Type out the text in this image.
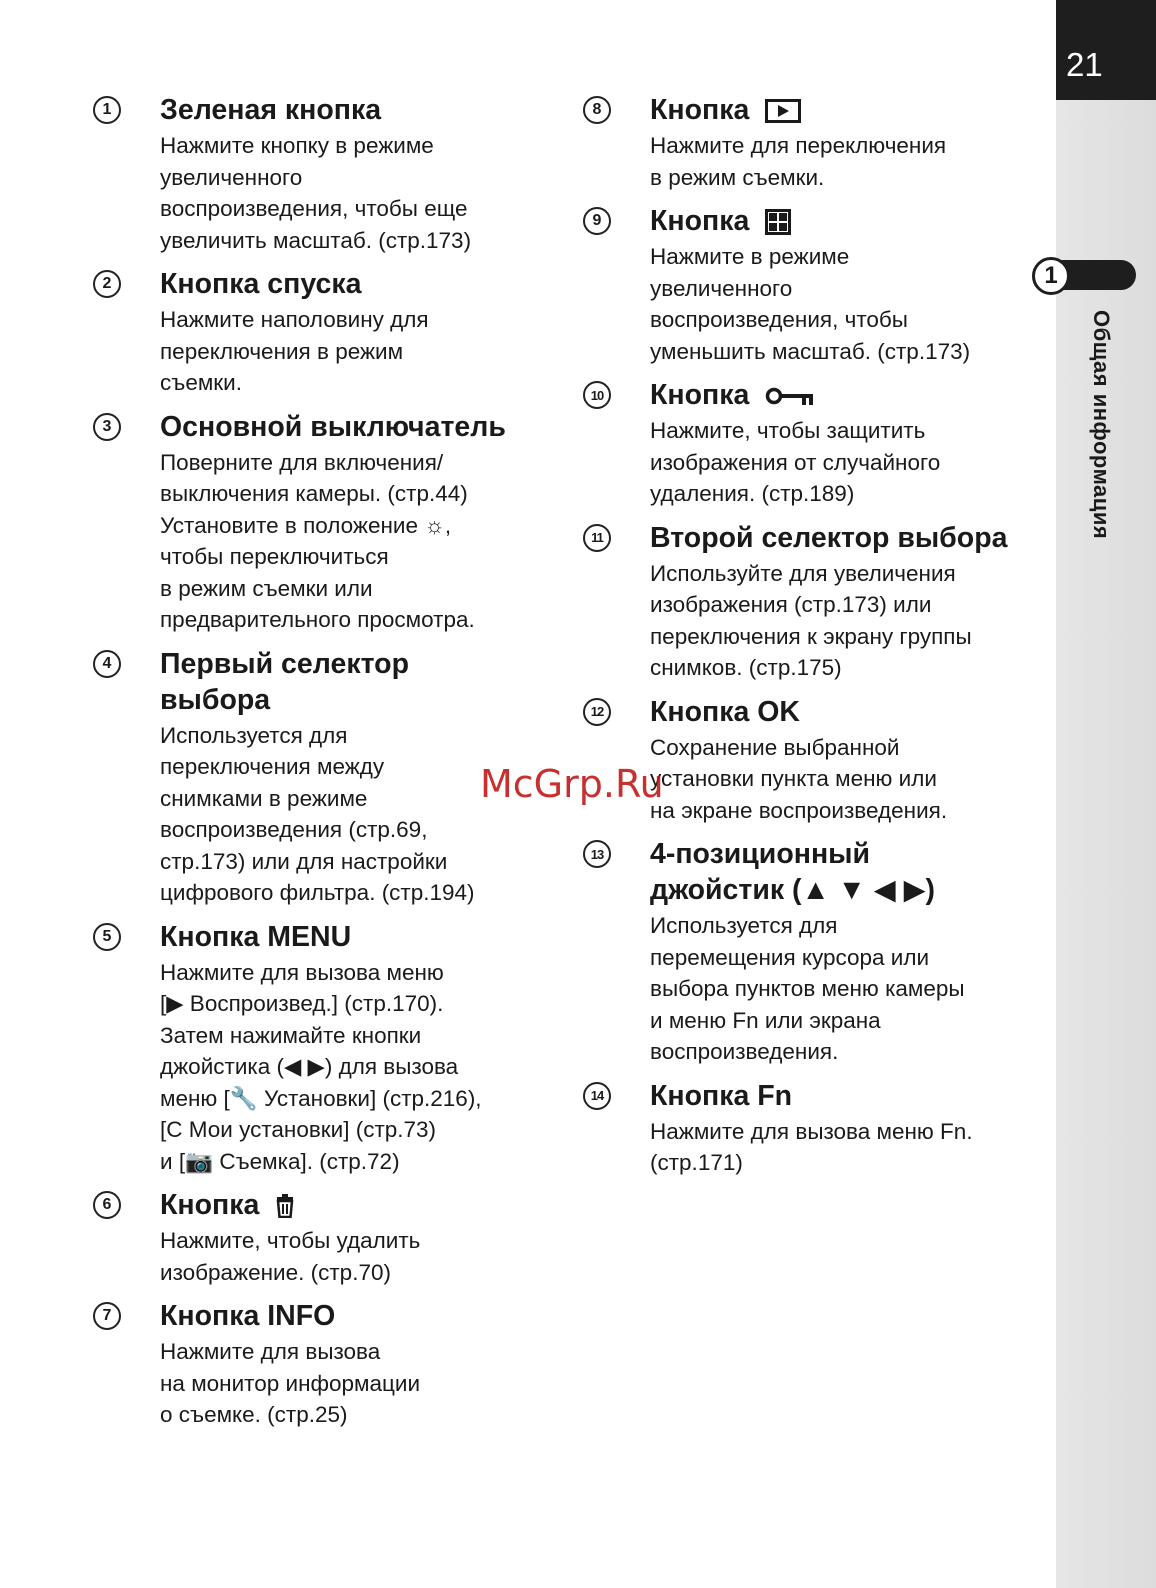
21
1
Общая информация
1	Зеленая кнопка
Нажмите кнопку в режиме
увеличенного
воспроизведения, чтобы еще
увеличить масштаб. (стр.173)
2	Кнопка спуска
Нажмите наполовину для
переключения в режим
съемки.
3	Основной выключатель
Поверните для включения/
выключения камеры. (стр.44)
Установите в положение ☼,
чтобы переключиться
в режим съемки или
предварительного просмотра.
4	Первый селектор
выбора
Используется для
переключения между
снимками в режиме
воспроизведения (стр.69,
стр.173) или для настройки
цифрового фильтра. (стр.194)
5	Кнопка MENU
Нажмите для вызова меню
[▶ Воспроизвед.] (стр.170).
Затем нажимайте кнопки
джойстика (◀ ▶) для вызова
меню [🔧 Установки] (стр.216),
[C Мои установки] (стр.73)
и [📷 Съемка]. (стр.72)
6	Кнопка
Нажмите, чтобы удалить
изображение. (стр.70)
7	Кнопка INFO
Нажмите для вызова
на монитор информации
о съемке. (стр.25)
8	Кнопка
Нажмите для переключения
в режим съемки.
9	Кнопка
Нажмите в режиме
увеличенного
воспроизведения, чтобы
уменьшить масштаб. (стр.173)
10 Кнопка
Нажмите, чтобы защитить
изображения от случайного
удаления. (стр.189)
11 Второй селектор выбора
Используйте для увеличения
изображения (стр.173) или
переключения к экрану группы
снимков. (стр.175)
12 Кнопка OK
Сохранение выбранной
установки пункта меню или
на экране воспроизведения.
13 4-позиционный
джойстик (▲ ▼ ◀ ▶)
Используется для
перемещения курсора или
выбора пунктов меню камеры
и меню Fn или экрана
воспроизведения.
14 Кнопка Fn
Нажмите для вызова меню Fn.
(стр.171)
McGrp.Ru
